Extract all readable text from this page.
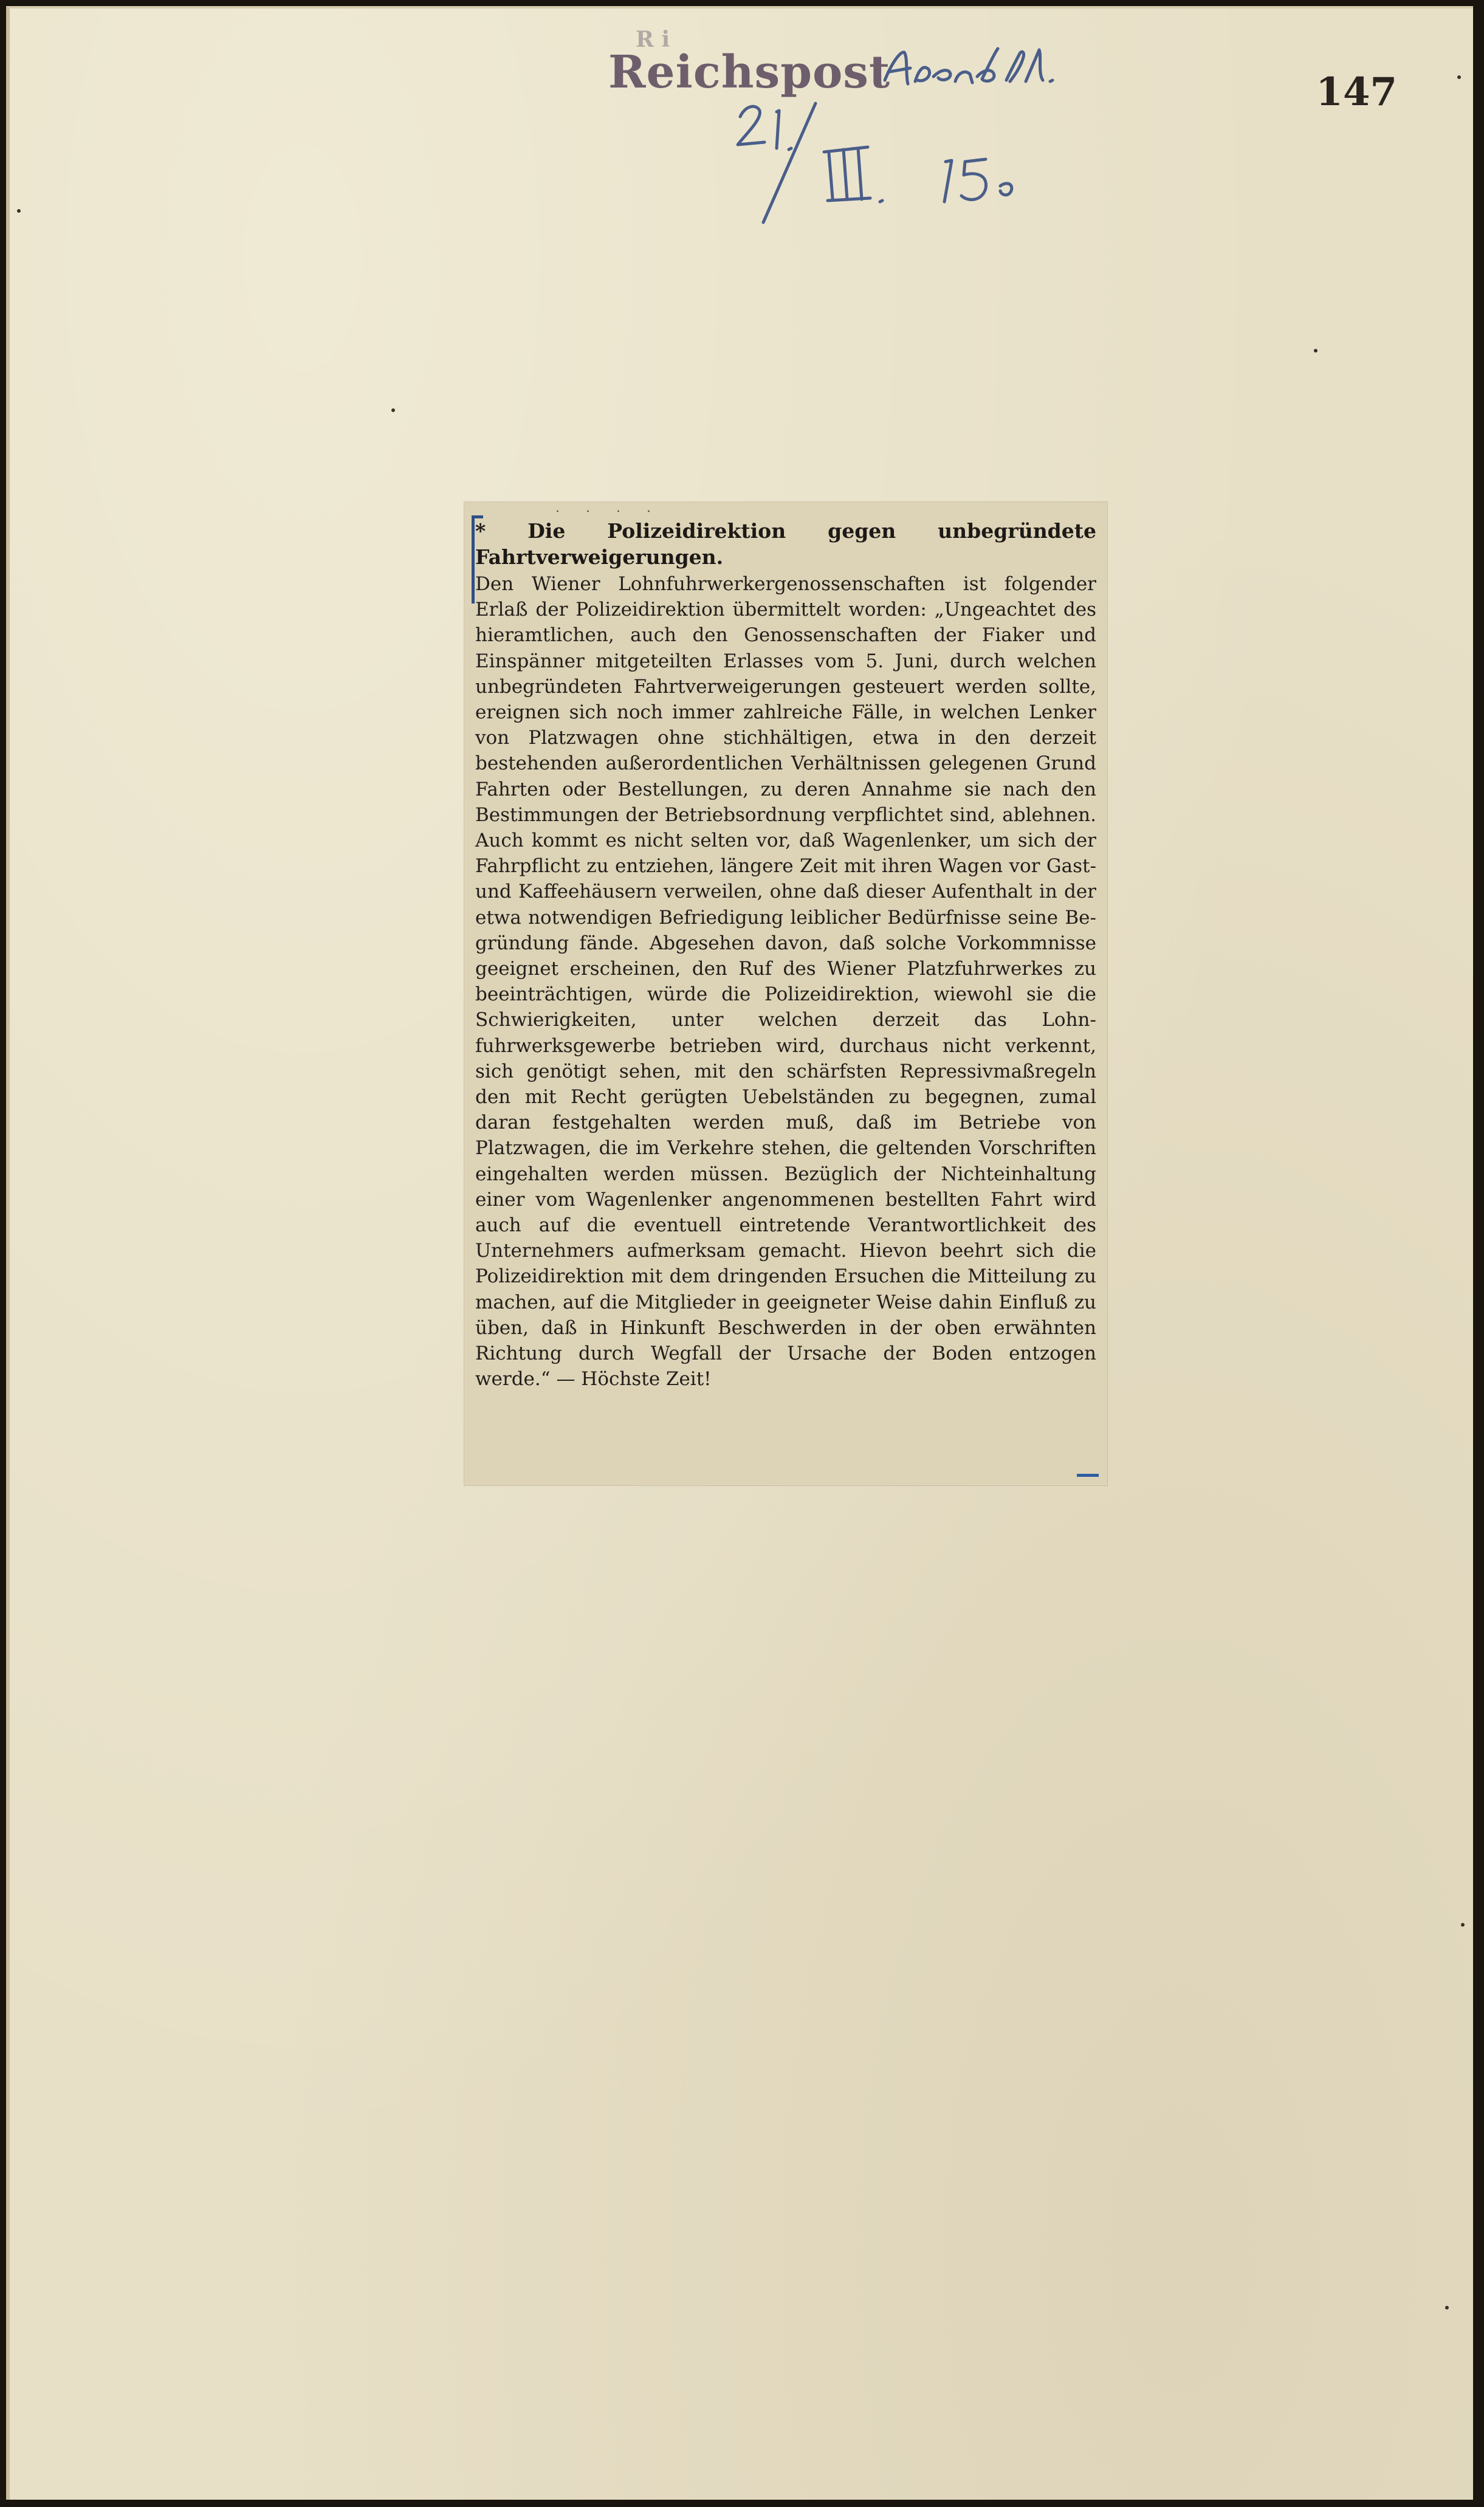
R i
Reichspost	147
· · · ·
* Die Polizeidirektion gegen unbegründete Fahrtverweigerungen.
Den Wiener Lohnfuhrwerkergenossenschaften ist folgender Erlaß der Polizeidirektion übermittelt worden: „Ungeachtet des hieramtlichen, auch den Genossenschaften der Fiaker und Einspänner mitgeteilten Erlasses vom 5. Juni, durch welchen unbegründeten Fahrtverweigerungen gesteuert werden sollte, ereignen sich noch immer zahlreiche Fälle, in welchen Lenker von Platzwagen ohne stichhältigen, etwa in den derzeit bestehenden außerordentlichen Verhältnissen gelegenen Grund Fahrten oder Bestellungen, zu deren Annahme sie nach den Bestimmungen der Betriebsordnung verpflichtet sind, ablehnen. Auch kommt es nicht selten vor, daß Wagenlenker, um sich der Fahrpflicht zu entziehen, längere Zeit mit ihren Wagen vor Gast- und Kaffeehäusern verweilen, ohne daß dieser Aufenthalt in der etwa notwendigen Befriedigung leiblicher Bedürfnisse seine Begründung fände. Abgesehen davon, daß solche Vorkommnisse geeignet erscheinen, den Ruf des Wiener Platzfuhrwerkes zu beeinträchtigen, würde die Polizeidirektion, wiewohl sie die Schwierigkeiten, unter welchen derzeit das Lohnfuhrwerksgewerbe betrieben wird, durchaus nicht verkennt, sich genötigt sehen, mit den schärfsten Repressivmaßregeln den mit Recht gerügten Uebelständen zu begegnen, zumal daran festgehalten werden muß, daß im Betriebe von Platzwagen, die im Verkehre stehen, die geltenden Vorschriften eingehalten werden müssen. Bezüglich der Nichteinhaltung einer vom Wagenlenker angenommenen bestellten Fahrt wird auch auf die eventuell eintretende Verantwortlichkeit des Unternehmers aufmerksam gemacht. Hievon beehrt sich die Polizeidirektion mit dem dringenden Ersuchen die Mitteilung zu machen, auf die Mitglieder in geeigneter Weise dahin Einfluß zu üben, daß in Hinkunft Beschwerden in der oben erwähnten Richtung durch Wegfall der Ursache der Boden entzogen werde.“ — Höchste Zeit!
